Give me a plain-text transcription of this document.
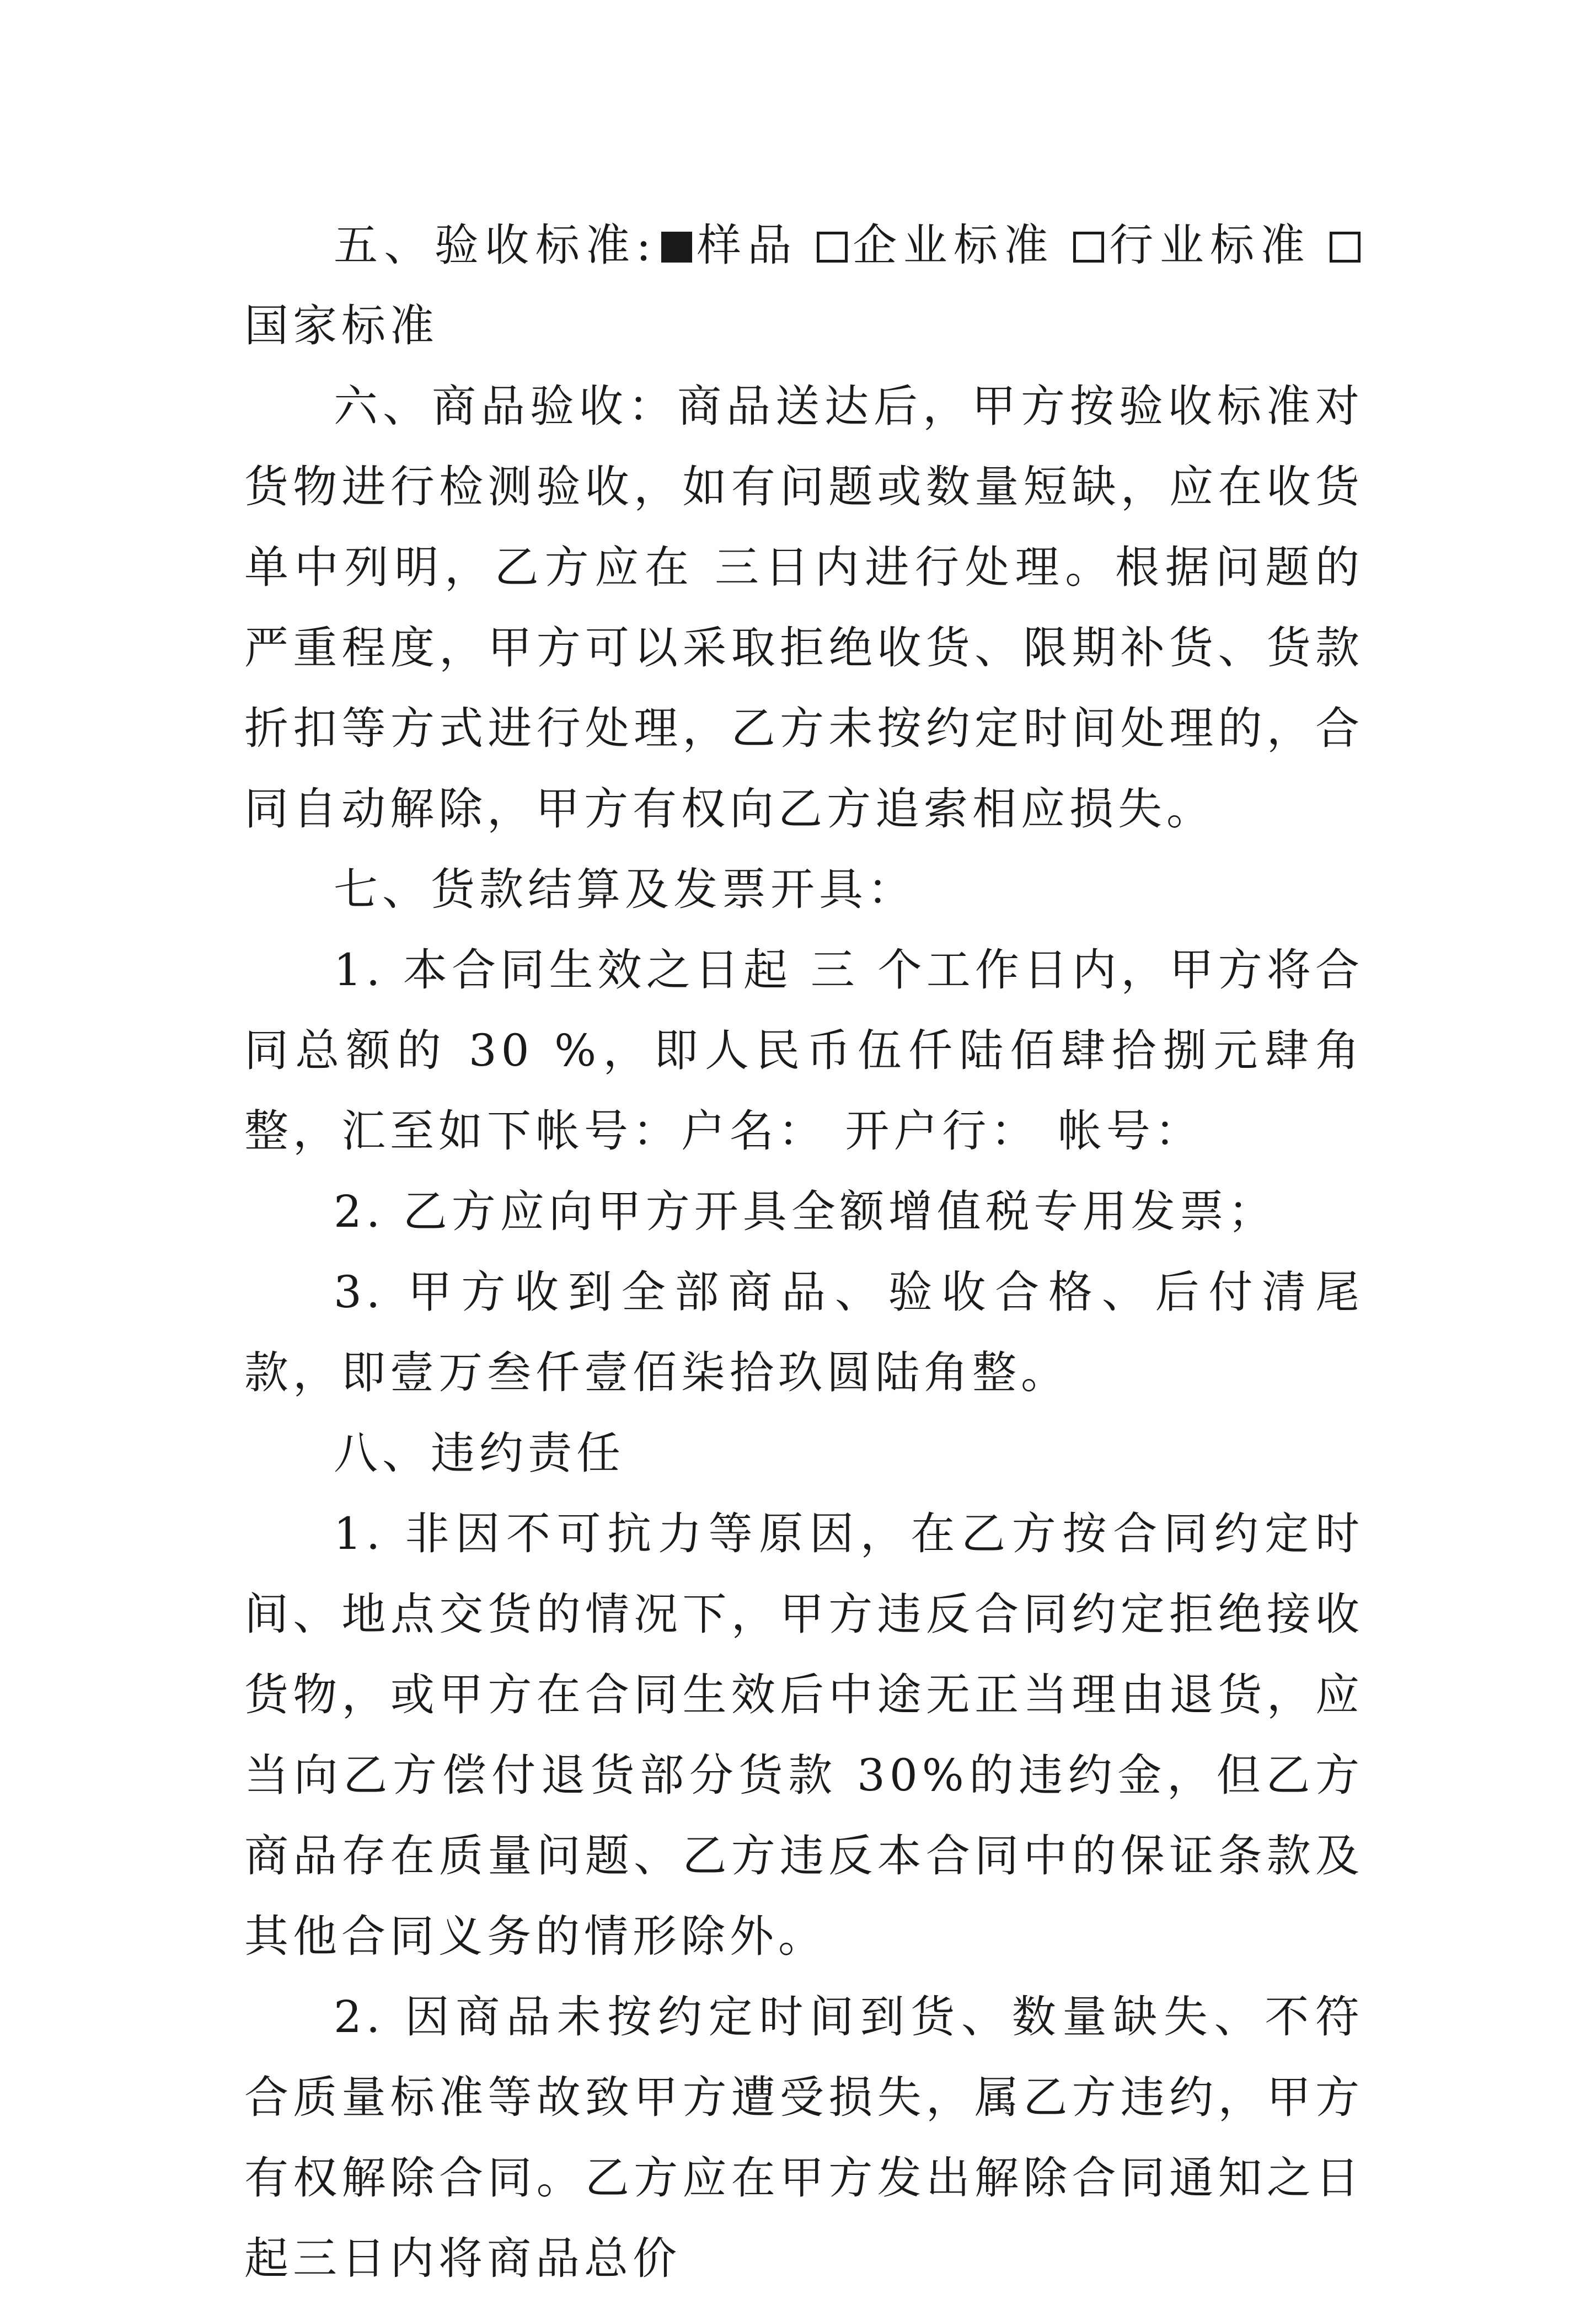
五、验收标准: 样品 企业标准 行业标准国家标准

六、商品验收：商品送达后，甲方按验收标准对货物进行检测验收，如有问题或数量短缺，应在收货单中列明，乙方应在 三日内进行处理。根据问题的严重程度，甲方可以采取拒绝收货、限期补货、货款折扣等方式进行处理，乙方未按约定时间处理的，合同自动解除，甲方有权向乙方追索相应损失。

七、货款结算及发票开具：

1. 本合同生效之日起 三 个工作日内，甲方将合同总额的 30 %，即人民币伍仟陆佰肆拾捌元肆角整，汇至如下帐号：户名： 开户行： 帐号：

2. 乙方应向甲方开具全额增值税专用发票；

3. 甲方收到全部商品、验收合格、后付清尾款，即壹万叁仟壹佰柒拾玖圆陆角整。

八、违约责任

1. 非因不可抗力等原因，在乙方按合同约定时间、地点交货的情况下，甲方违反合同约定拒绝接收货物，或甲方在合同生效后中途无正当理由退货，应当向乙方偿付退货部分货款 30%的违约金，但乙方商品存在质量问题、乙方违反本合同中的保证条款及其他合同义务的情形除外。

2. 因商品未按约定时间到货、数量缺失、不符合质量标准等故致甲方遭受损失，属乙方违约，甲方有权解除合同。乙方应在甲方发出解除合同通知之日起三日内将商品总价
